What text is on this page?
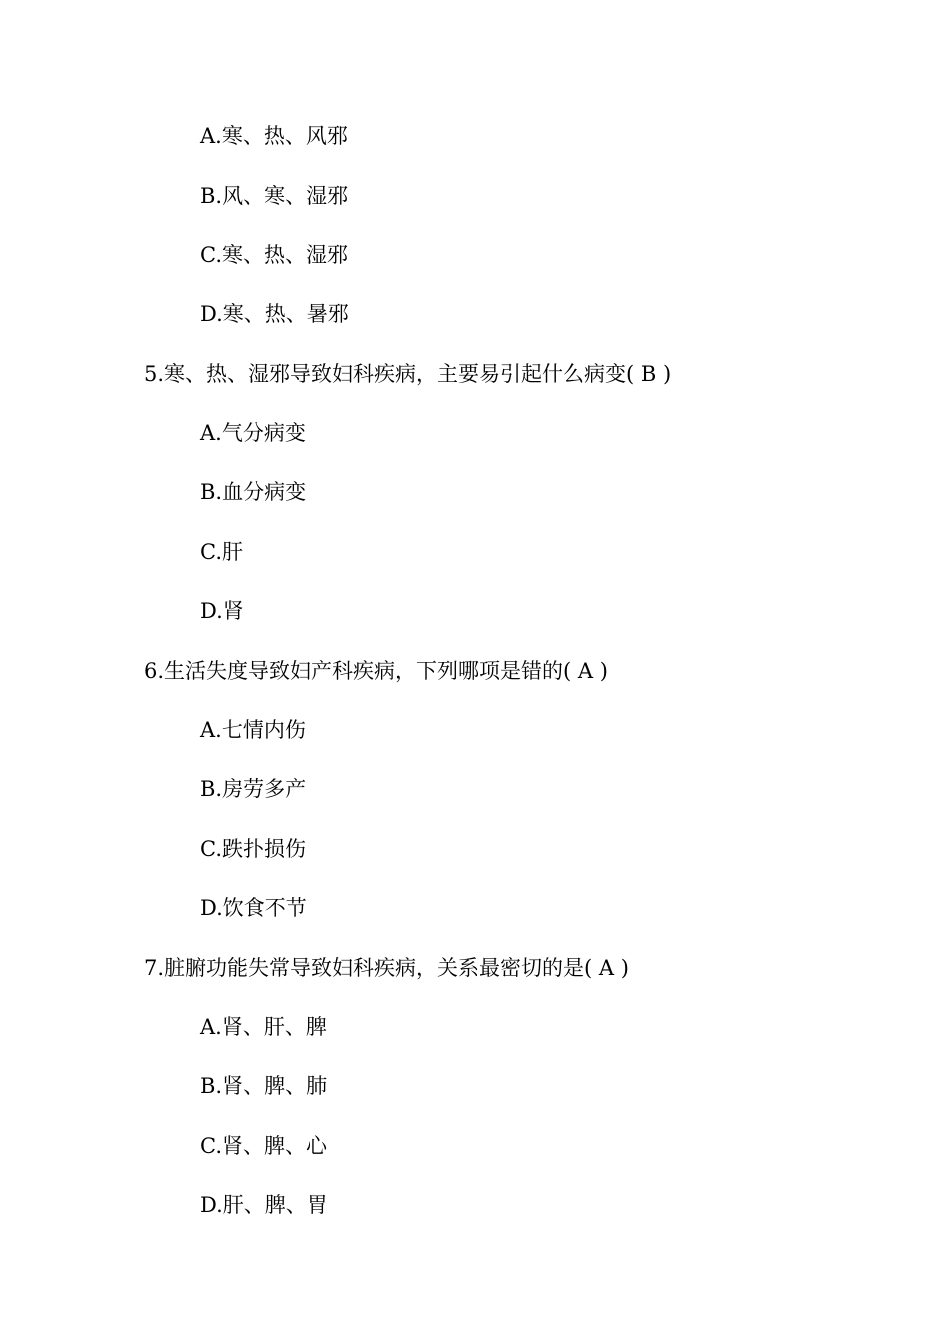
A.寒、热、风邪
B.风、寒、湿邪
C.寒、热、湿邪
D.寒、热、暑邪
5.寒、热、湿邪导致妇科疾病，主要易引起什么病变( B )
A.气分病变
B.血分病变
C.肝
D.肾
6.生活失度导致妇产科疾病，下列哪项是错的( A )
A.七情内伤
B.房劳多产
C.跌扑损伤
D.饮食不节
7.脏腑功能失常导致妇科疾病，关系最密切的是( A )
A.肾、肝、脾
B.肾、脾、肺
C.肾、脾、心
D.肝、脾、胃
